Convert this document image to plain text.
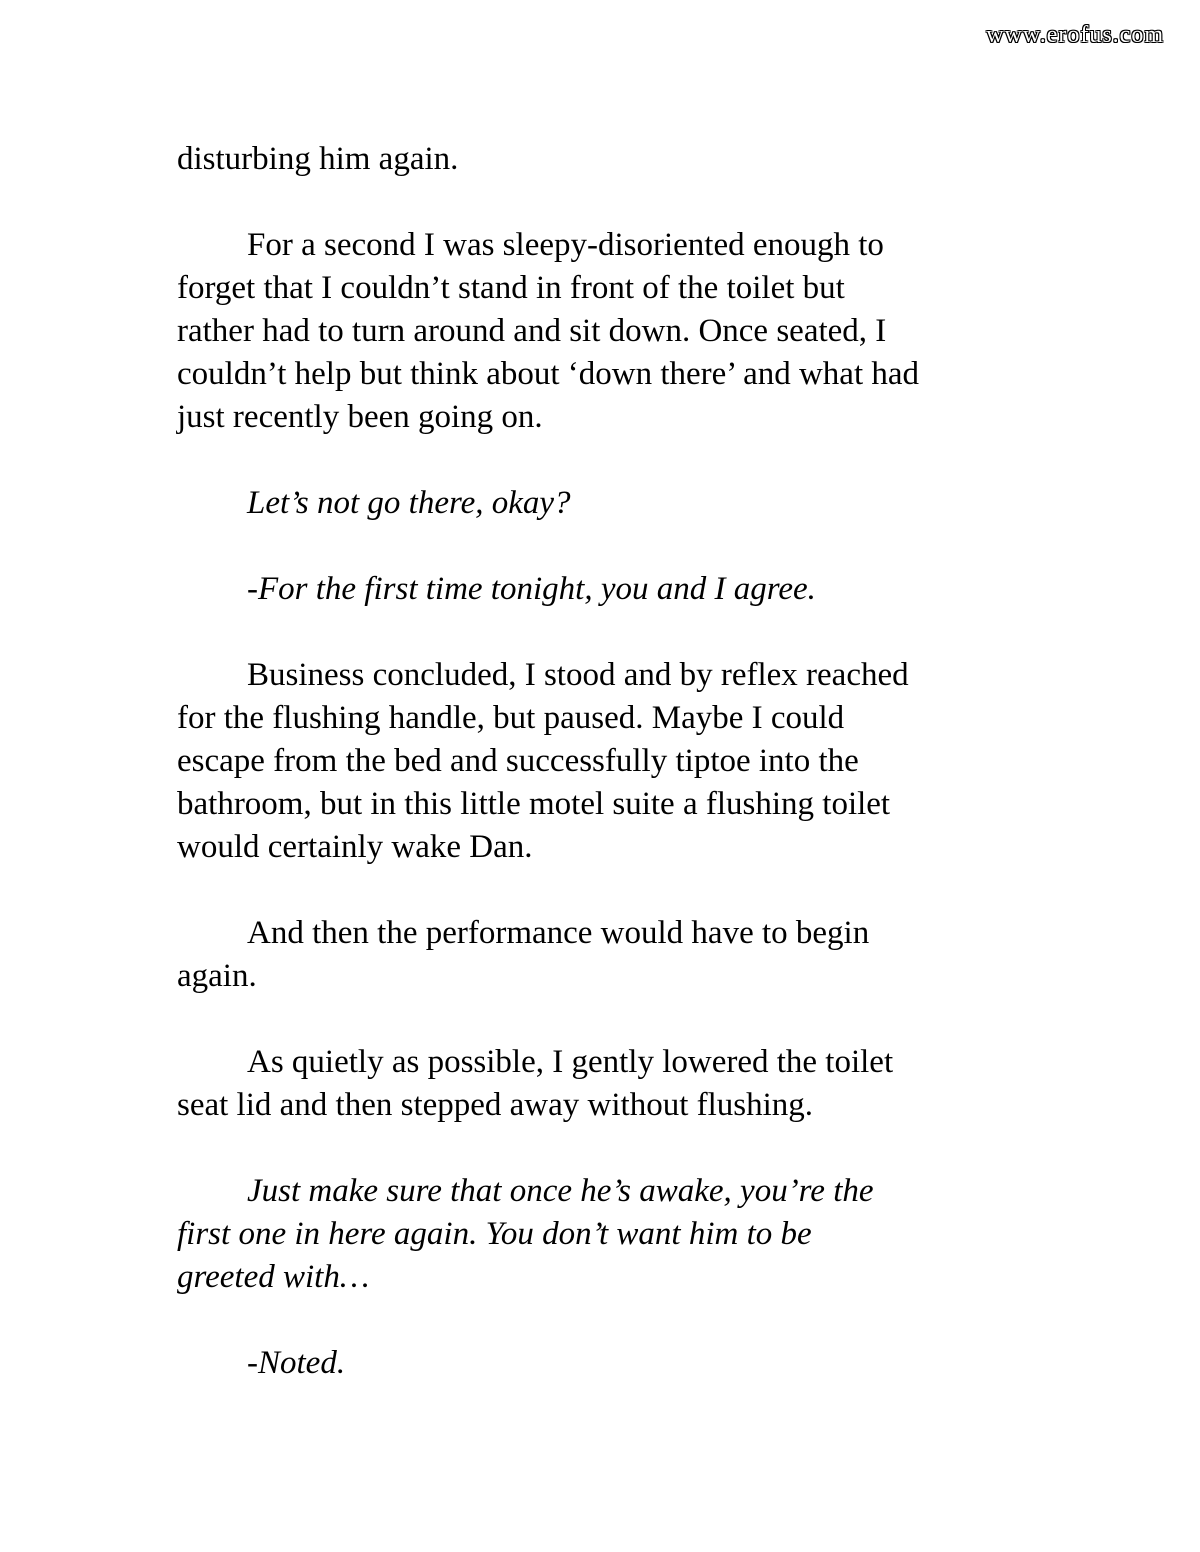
www.erofus.com
disturbing him again.
For a second I was sleepy-disoriented enough to
forget that I couldn’t stand in front of the toilet but
rather had to turn around and sit down. Once seated, I
couldn’t help but think about ‘down there’ and what had
just recently been going on.
Let’s not go there, okay?
-For the first time tonight, you and I agree.
Business concluded, I stood and by reflex reached
for the flushing handle, but paused. Maybe I could
escape from the bed and successfully tiptoe into the
bathroom, but in this little motel suite a flushing toilet
would certainly wake Dan.
And then the performance would have to begin
again.
As quietly as possible, I gently lowered the toilet
seat lid and then stepped away without flushing.
Just make sure that once he’s awake, you’re the
first one in here again. You don’t want him to be
greeted with…
-Noted.
